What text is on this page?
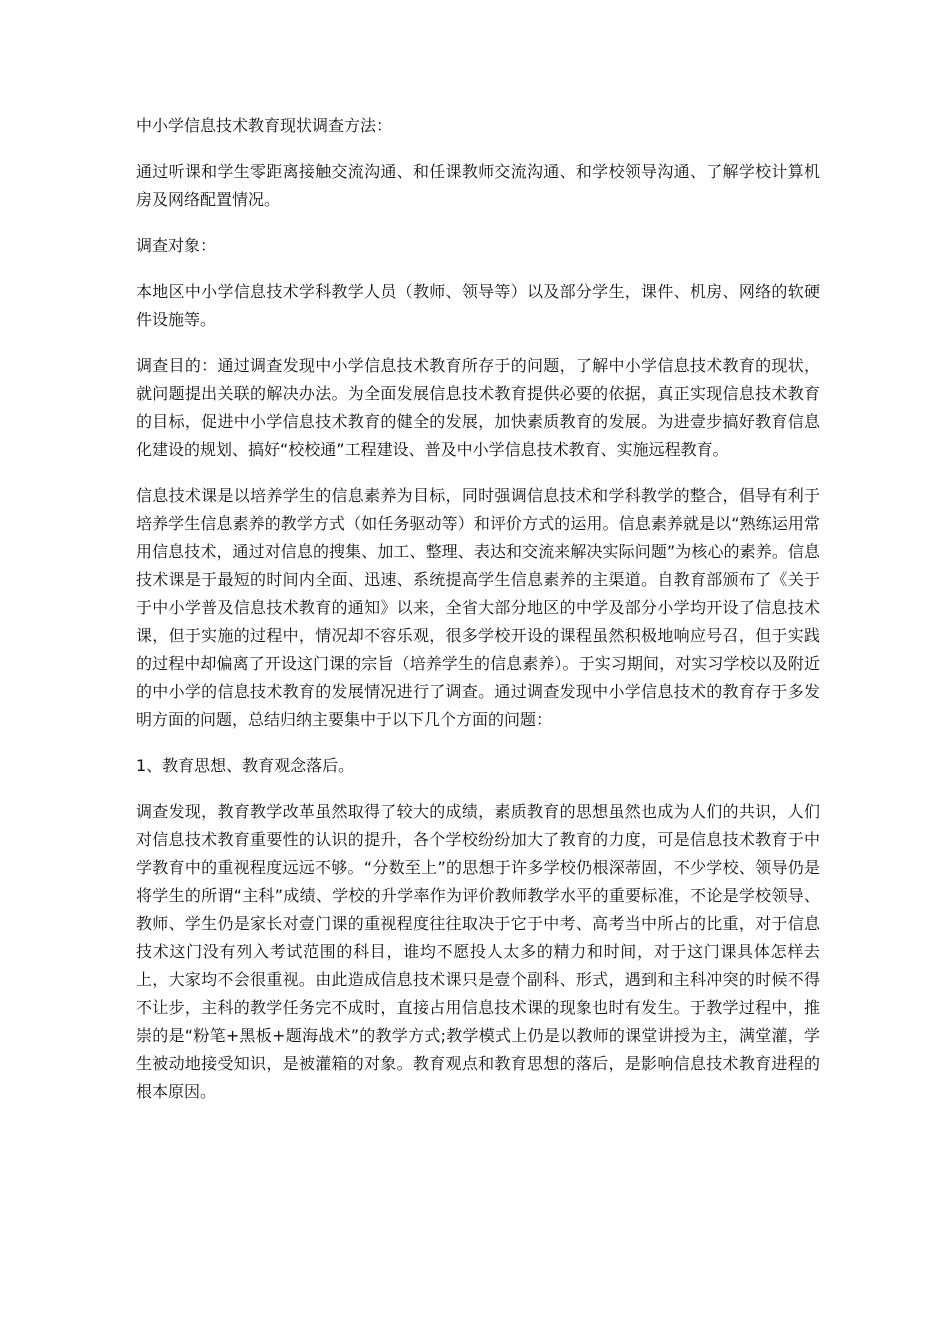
中小学信息技术教育现状调查方法：

通过听课和学生零距离接触交流沟通、和任课教师交流沟通、和学校领导沟通、了解学校计算机房及网络配置情况。

调查对象：

本地区中小学信息技术学科教学人员（教师、领导等）以及部分学生，课件、机房、网络的软硬件设施等。

调查目的：通过调查发现中小学信息技术教育所存于的问题，了解中小学信息技术教育的现状，就问题提出关联的解决办法。为全面发展信息技术教育提供必要的依据，真正实现信息技术教育的目标，促进中小学信息技术教育的健全的发展，加快素质教育的发展。为进壹步搞好教育信息化建设的规划、搞好“校校通”工程建设、普及中小学信息技术教育、实施远程教育。

信息技术课是以培养学生的信息素养为目标，同时强调信息技术和学科教学的整合，倡导有利于培养学生信息素养的教学方式（如任务驱动等）和评价方式的运用。信息素养就是以“熟练运用常用信息技术，通过对信息的搜集、加工、整理、表达和交流来解决实际问题”为核心的素养。信息技术课是于最短的时间内全面、迅速、系统提高学生信息素养的主渠道。自教育部颁布了《关于于中小学普及信息技术教育的通知》以来，全省大部分地区的中学及部分小学均开设了信息技术课，但于实施的过程中，情况却不容乐观，很多学校开设的课程虽然积极地响应号召，但于实践的过程中却偏离了开设这门课的宗旨（培养学生的信息素养）。于实习期间，对实习学校以及附近的中小学的信息技术教育的发展情况进行了调查。通过调查发现中小学信息技术的教育存于多发明方面的问题，总结归纳主要集中于以下几个方面的问题：

1、教育思想、教育观念落后。

调查发现，教育教学改革虽然取得了较大的成绩，素质教育的思想虽然也成为人们的共识，人们对信息技术教育重要性的认识的提升，各个学校纷纷加大了教育的力度，可是信息技术教育于中学教育中的重视程度远远不够。“分数至上”的思想于许多学校仍根深蒂固，不少学校、领导仍是将学生的所谓“主科”成绩、学校的升学率作为评价教师教学水平的重要标准，不论是学校领导、教师、学生仍是家长对壹门课的重视程度往往取决于它于中考、高考当中所占的比重，对于信息技术这门没有列入考试范围的科目，谁均不愿投人太多的精力和时间，对于这门课具体怎样去上，大家均不会很重视。由此造成信息技术课只是壹个副科、形式，遇到和主科冲突的时候不得不让步，主科的教学任务完不成时，直接占用信息技术课的现象也时有发生。于教学过程中，推崇的是“粉笔+黑板+题海战术”的教学方式;教学模式上仍是以教师的课堂讲授为主，满堂灌，学生被动地接受知识，是被灌箱的对象。教育观点和教育思想的落后，是影响信息技术教育进程的根本原因。
